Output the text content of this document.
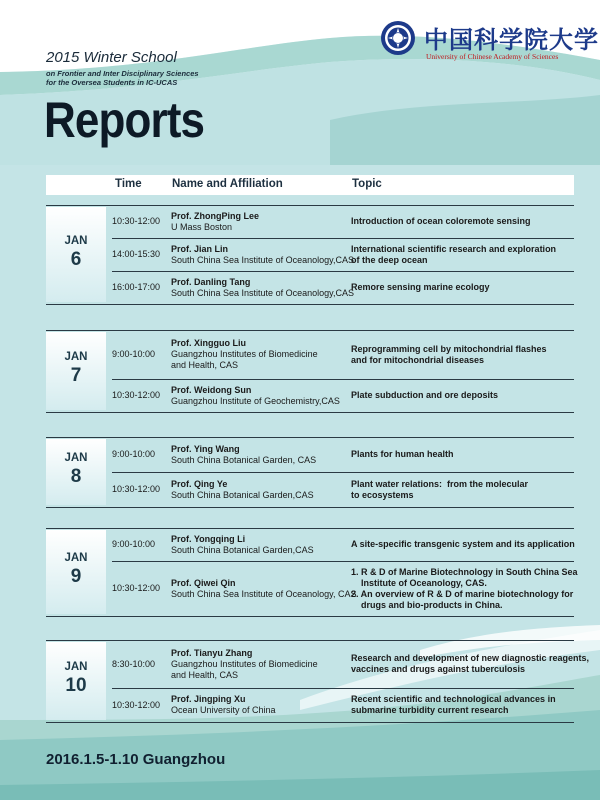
2015 Winter School
on Frontier and Inter Disciplinary Sciences
for the Oversea Students in IC-UCAS
Reports
中国科学院大学
University of Chinese Academy of Sciences
Time	Name and Affiliation	Topic
JAN
6
10:30-12:00
Prof. ZhongPing Lee
U Mass Boston
Introduction of ocean coloremote sensing
14:00-15:30
Prof. Jian Lin
South China Sea Institute of Oceanology,CAS
International scientific research and exploration
of the deep ocean
16:00-17:00
Prof. Danling Tang
South China Sea Institute of Oceanology,CAS
Remore sensing marine ecology
JAN
7
9:00-10:00
Prof. Xingguo Liu
Guangzhou Institutes of Biomedicine
and Health, CAS
Reprogramming cell by mitochondrial flashes
and for mitochondrial diseases
10:30-12:00
Prof. Weidong Sun
Guangzhou Institute of Geochemistry,CAS
Plate subduction and ore deposits
JAN
8
9:00-10:00
Prof. Ying Wang
South China Botanical Garden, CAS
Plants for human health
10:30-12:00
Prof. Qing Ye
South China Botanical Garden,CAS
Plant water relations:  from the molecular
to ecosystems
JAN
9
9:00-10:00
Prof. Yongqing Li
South China Botanical Garden,CAS
A site-specific transgenic system and its application
10:30-12:00
Prof. Qiwei Qin
South China Sea Institute of Oceanology, CAS
1. R & D of Marine Biotechnology in South China Sea
Institute of Oceanology, CAS.
2. An overview of R & D of marine biotechnology for
drugs and bio-products in China.
JAN
10
8:30-10:00
Prof. Tianyu Zhang
Guangzhou Institutes of Biomedicine
and Health, CAS
Research and development of new diagnostic reagents,
vaccines and drugs against tuberculosis
10:30-12:00
Prof. Jingping Xu
Ocean University of China
Recent scientific and technological advances in
submarine turbidity current research
2016.1.5-1.10 Guangzhou
